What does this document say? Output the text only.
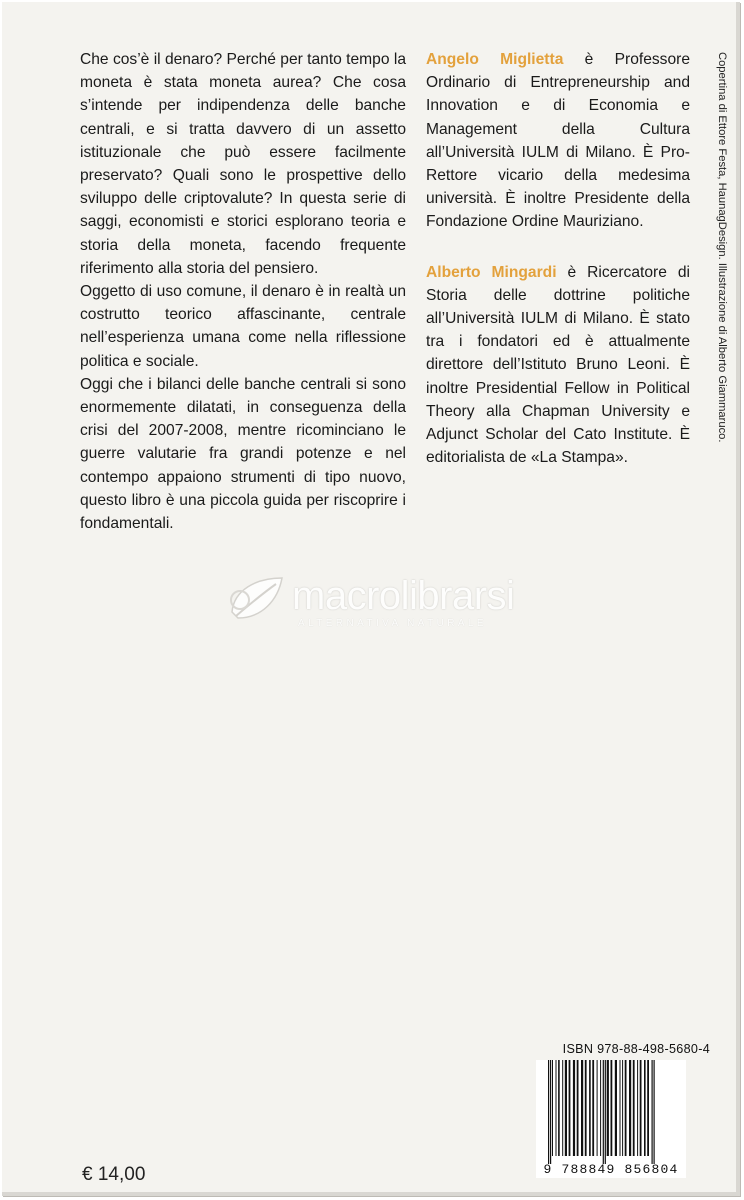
Che cos’è il denaro? Perché per tanto tempo la moneta è stata moneta aurea? Che cosa s’intende per indipendenza delle banche centrali, e si tratta davvero di un assetto istituzionale che può essere facilmente preservato? Quali sono le prospettive dello sviluppo delle criptovalute? In questa serie di saggi, economisti e storici esplorano teoria e storia della moneta, facendo frequente riferimento alla storia del pensiero.

Oggetto di uso comune, il denaro è in realtà un costrutto teorico affascinante, centrale nell’esperienza umana come nella riflessione politica e sociale.

Oggi che i bilanci delle banche centrali si sono enormemente dilatati, in conseguenza della crisi del 2007-2008, mentre ricominciano le guerre valutarie fra grandi potenze e nel contempo appaiono strumenti di tipo nuovo, questo libro è una piccola guida per riscoprire i fondamentali.

Angelo Miglietta è Professore Ordinario di Entrepreneurship and Innovation e di Economia e Management della Cultura all’Università IULM di Milano. È Pro-Rettore vicario della medesima università. È inoltre Presidente della Fondazione Ordine Mauriziano.

Alberto Mingardi è Ricercatore di Storia delle dottrine politiche all’Università IULM di Milano. È stato tra i fondatori ed è attualmente direttore dell’Istituto Bruno Leoni. È inoltre Presidential Fellow in Political Theory alla Chapman University e Adjunct Scholar del Cato Institute. È editorialista de «La Stampa».

Copertina di Ettore Festa, HaunagDesign. Illustrazione di Alberto Giammaruco.
macrolibrarsi
ALTERNATIVA NATURALE
€ 14,00
ISBN 978-88-498-5680-4
9 788849 856804
